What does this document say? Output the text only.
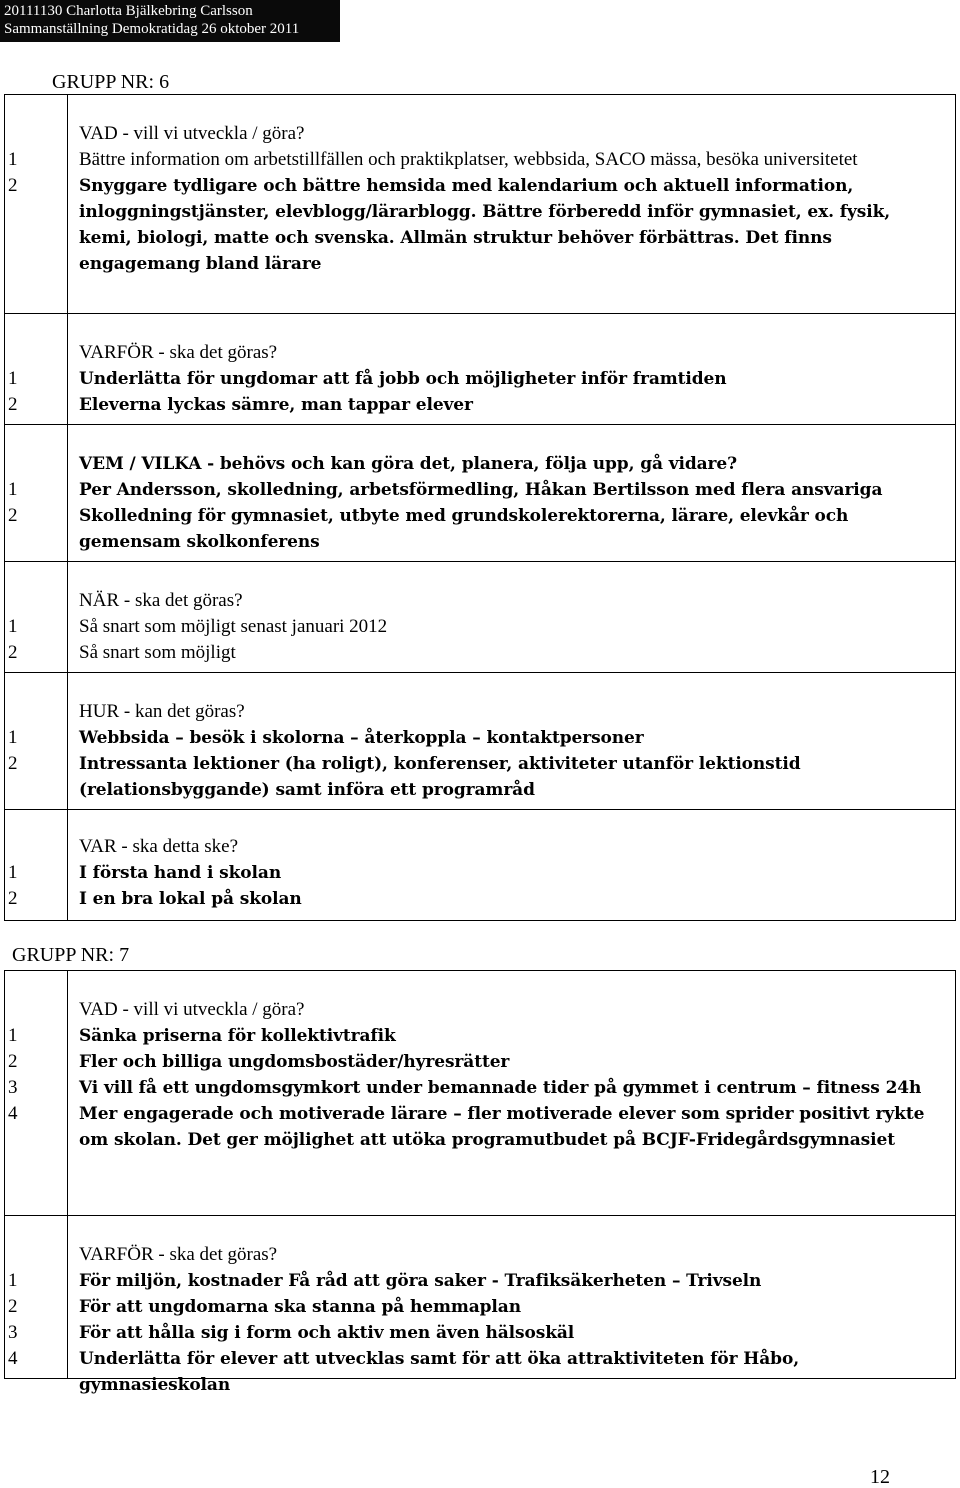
20111130 Charlotta Bjälkebring Carlsson
Sammanställning Demokratidag 26 oktober 2011
GRUPP NR: 6
VAD - vill vi utveckla / göra?
1	Bättre information om arbetstillfällen och praktikplatser, webbsida, SACO mässa, besöka universitetet
2	Snyggare tydligare och bättre hemsida med kalendarium och aktuell information, inloggningstjänster, elevblogg/lärarblogg. Bättre förberedd inför gymnasiet, ex. fysik, kemi, biologi, matte och svenska. Allmän struktur behöver förbättras. Det finns engagemang bland lärare
VARFÖR - ska det göras?
1	Underlätta för ungdomar att få jobb och möjligheter inför framtiden
2	Eleverna lyckas sämre, man tappar elever
VEM / VILKA - behövs och kan göra det, planera, följa upp, gå vidare?
1	Per Andersson, skolledning, arbetsförmedling, Håkan Bertilsson med flera ansvariga
2	Skolledning för gymnasiet, utbyte med grundskolerektorerna, lärare, elevkår och gemensam skolkonferens
NÄR - ska det göras?
1	Så snart som möjligt senast januari 2012
2	Så snart som möjligt
HUR - kan det göras?
1	Webbsida – besök i skolorna – återkoppla – kontaktpersoner
2	Intressanta lektioner (ha roligt), konferenser, aktiviteter utanför lektionstid (relationsbyggande) samt införa ett programråd
VAR - ska detta ske?
1	I första hand i skolan
2	I en bra lokal på skolan
GRUPP NR: 7
VAD - vill vi utveckla / göra?
1	Sänka priserna för kollektivtrafik
2	Fler och billiga ungdomsbostäder/hyresrätter
3	Vi vill få ett ungdomsgymkort under bemannade tider på gymmet i centrum – fitness 24h
4	Mer engagerade och motiverade lärare – fler motiverade elever som sprider positivt rykte om skolan. Det ger möjlighet att utöka programutbudet på BCJF-Fridegårdsgymnasiet
VARFÖR - ska det göras?
1	För miljön, kostnader Få råd att göra saker - Trafiksäkerheten – Trivseln
2	För att ungdomarna ska stanna på hemmaplan
3	För att hålla sig i form och aktiv men även hälsoskäl
4	Underlätta för elever att utvecklas samt för att öka attraktiviteten för Håbo, gymnasieskolan
12
